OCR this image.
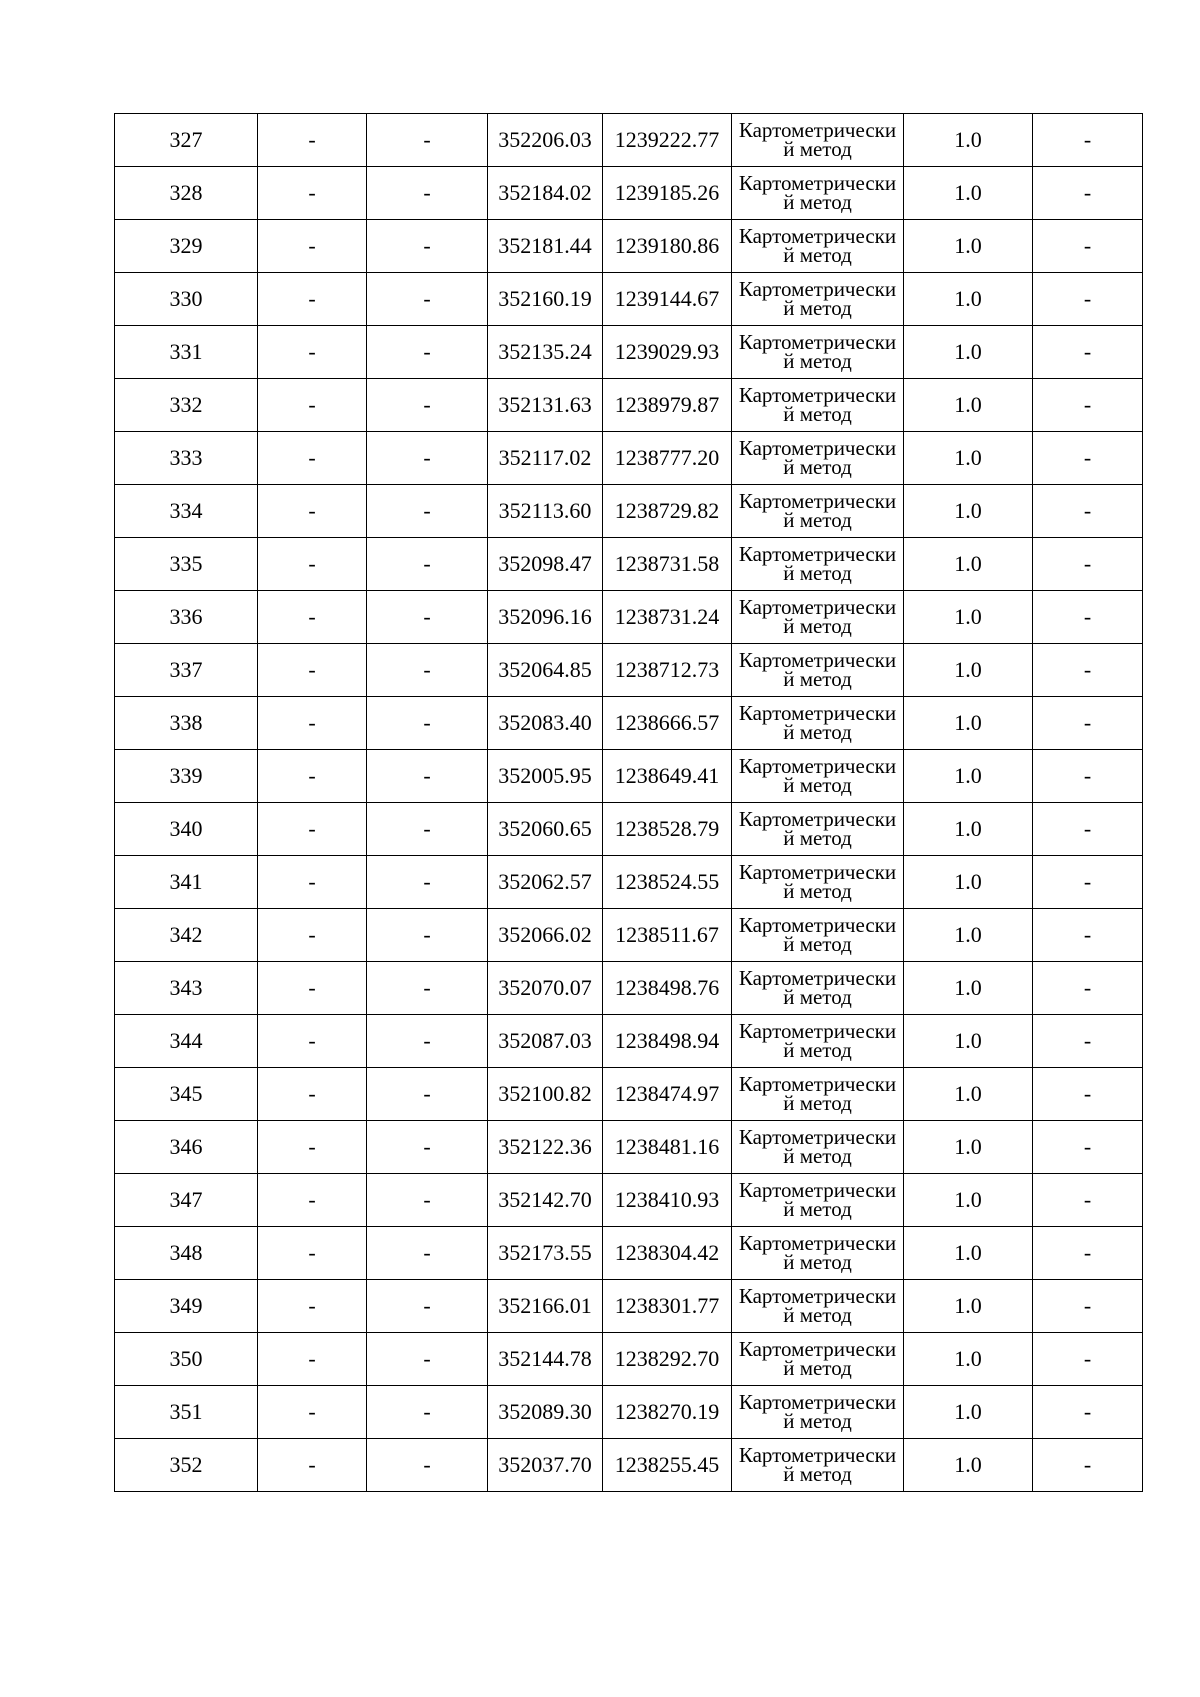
327	-	-	352206.03	1239222.77	Картометрический метод	1.0	-
328	-	-	352184.02	1239185.26	Картометрический метод	1.0	-
329	-	-	352181.44	1239180.86	Картометрический метод	1.0	-
330	-	-	352160.19	1239144.67	Картометрический метод	1.0	-
331	-	-	352135.24	1239029.93	Картометрический метод	1.0	-
332	-	-	352131.63	1238979.87	Картометрический метод	1.0	-
333	-	-	352117.02	1238777.20	Картометрический метод	1.0	-
334	-	-	352113.60	1238729.82	Картометрический метод	1.0	-
335	-	-	352098.47	1238731.58	Картометрический метод	1.0	-
336	-	-	352096.16	1238731.24	Картометрический метод	1.0	-
337	-	-	352064.85	1238712.73	Картометрический метод	1.0	-
338	-	-	352083.40	1238666.57	Картометрический метод	1.0	-
339	-	-	352005.95	1238649.41	Картометрический метод	1.0	-
340	-	-	352060.65	1238528.79	Картометрический метод	1.0	-
341	-	-	352062.57	1238524.55	Картометрический метод	1.0	-
342	-	-	352066.02	1238511.67	Картометрический метод	1.0	-
343	-	-	352070.07	1238498.76	Картометрический метод	1.0	-
344	-	-	352087.03	1238498.94	Картометрический метод	1.0	-
345	-	-	352100.82	1238474.97	Картометрический метод	1.0	-
346	-	-	352122.36	1238481.16	Картометрический метод	1.0	-
347	-	-	352142.70	1238410.93	Картометрический метод	1.0	-
348	-	-	352173.55	1238304.42	Картометрический метод	1.0	-
349	-	-	352166.01	1238301.77	Картометрический метод	1.0	-
350	-	-	352144.78	1238292.70	Картометрический метод	1.0	-
351	-	-	352089.30	1238270.19	Картометрический метод	1.0	-
352	-	-	352037.70	1238255.45	Картометрический метод	1.0	-
